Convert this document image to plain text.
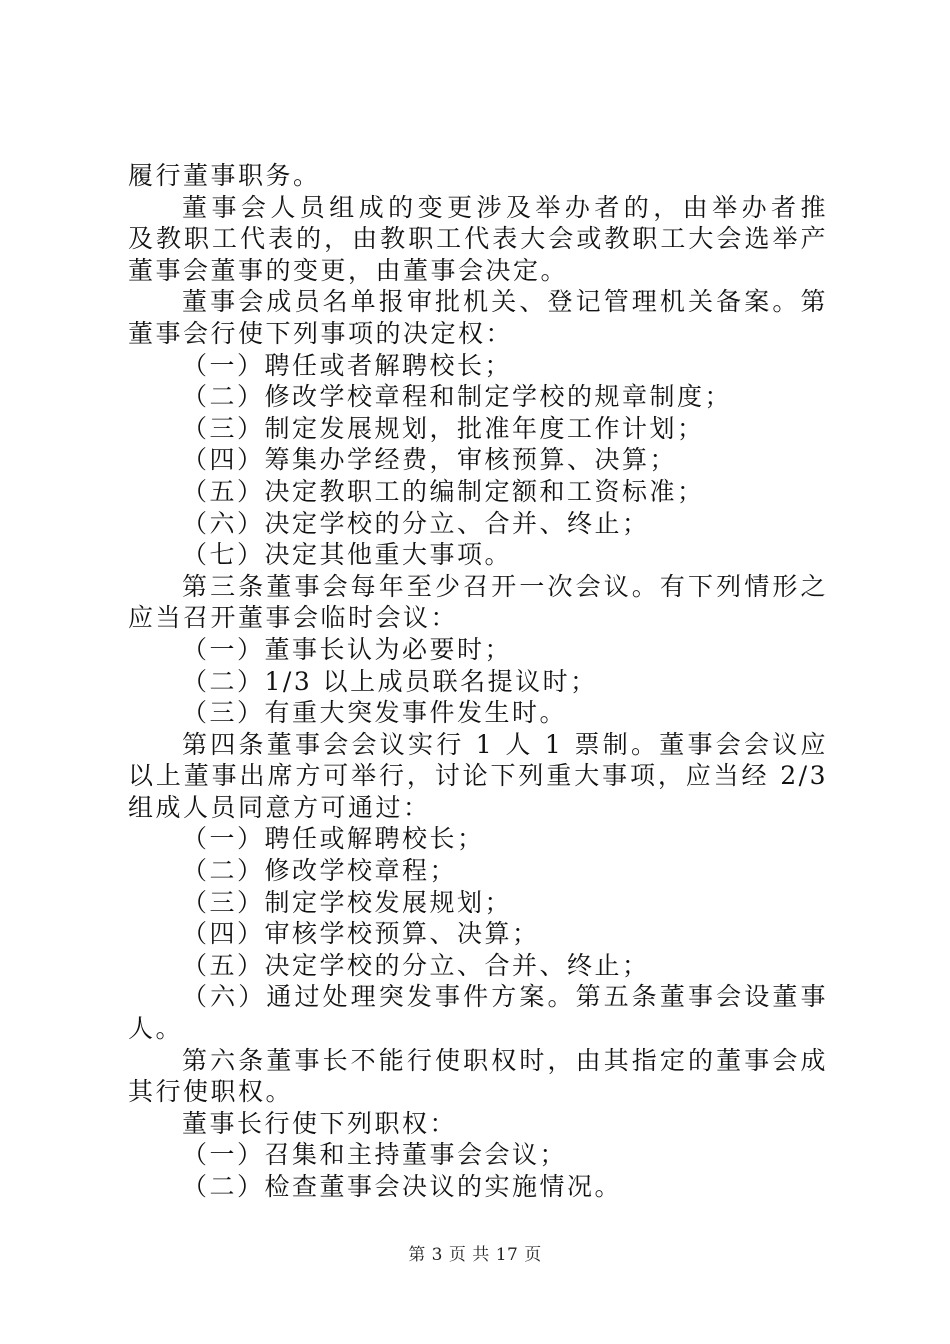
履行董事职务。
董事会人员组成的变更涉及举办者的，由举办者推
及教职工代表的，由教职工代表大会或教职工大会选举产
董事会董事的变更，由董事会决定。
董事会成员名单报审批机关、登记管理机关备案。第
董事会行使下列事项的决定权：
（一）聘任或者解聘校长；
（二）修改学校章程和制定学校的规章制度；
（三）制定发展规划，批准年度工作计划；
（四）筹集办学经费，审核预算、决算；
（五）决定教职工的编制定额和工资标准；
（六）决定学校的分立、合并、终止；
（七）决定其他重大事项。
第三条董事会每年至少召开一次会议。有下列情形之
应当召开董事会临时会议：
（一）董事长认为必要时；
（二）1/3 以上成员联名提议时；
（三）有重大突发事件发生时。
第四条董事会会议实行 1 人 1 票制。董事会会议应
以上董事出席方可举行，讨论下列重大事项，应当经 2/3
组成人员同意方可通过：
（一）聘任或解聘校长；
（二）修改学校章程；
（三）制定学校发展规划；
（四）审核学校预算、决算；
（五）决定学校的分立、合并、终止；
（六）通过处理突发事件方案。第五条董事会设董事
人。
第六条董事长不能行使职权时，由其指定的董事会成
其行使职权。
董事长行使下列职权：
（一）召集和主持董事会会议；
（二）检查董事会决议的实施情况。
第 3 页 共 17 页
